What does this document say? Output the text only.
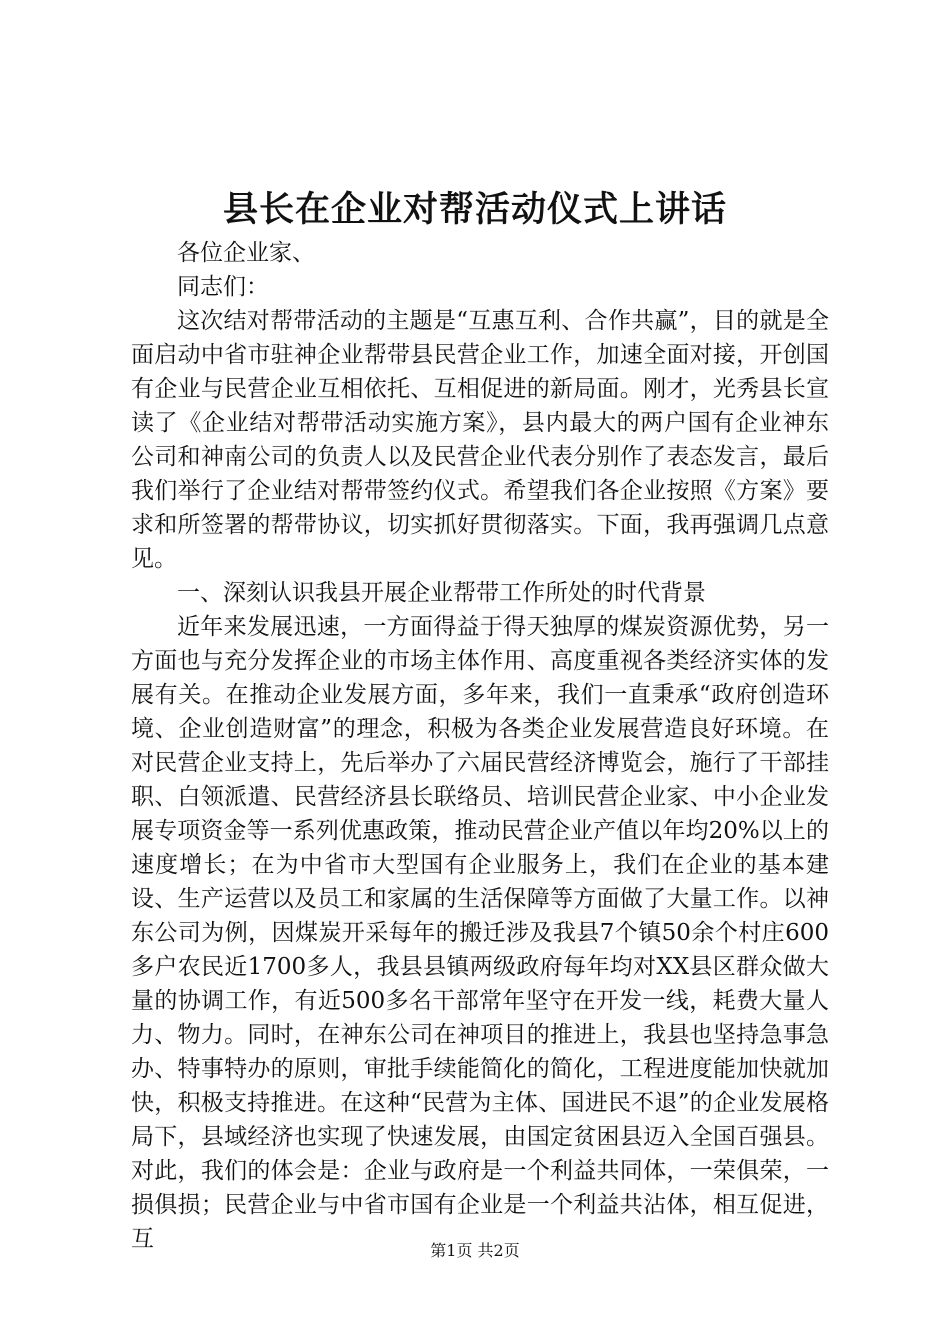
县长在企业对帮活动仪式上讲话

各位企业家、

同志们：

这次结对帮带活动的主题是“互惠互利、合作共赢”，目的就是全面启动中省市驻神企业帮带县民营企业工作，加速全面对接，开创国有企业与民营企业互相依托、互相促进的新局面。刚才，光秀县长宣读了《企业结对帮带活动实施方案》，县内最大的两户国有企业神东公司和神南公司的负责人以及民营企业代表分别作了表态发言，最后我们举行了企业结对帮带签约仪式。希望我们各企业按照《方案》要求和所签署的帮带协议，切实抓好贯彻落实。下面，我再强调几点意见。

一、深刻认识我县开展企业帮带工作所处的时代背景

近年来发展迅速，一方面得益于得天独厚的煤炭资源优势，另一方面也与充分发挥企业的市场主体作用、高度重视各类经济实体的发展有关。在推动企业发展方面，多年来，我们一直秉承“政府创造环境、企业创造财富”的理念，积极为各类企业发展营造良好环境。在对民营企业支持上，先后举办了六届民营经济博览会，施行了干部挂职、白领派遣、民营经济县长联络员、培训民营企业家、中小企业发展专项资金等一系列优惠政策，推动民营企业产值以年均20%以上的速度增长；在为中省市大型国有企业服务上，我们在企业的基本建设、生产运营以及员工和家属的生活保障等方面做了大量工作。以神东公司为例，因煤炭开采每年的搬迁涉及我县7个镇50余个村庄600多户农民近1700多人，我县县镇两级政府每年均对XX县区群众做大量的协调工作，有近500多名干部常年坚守在开发一线，耗费大量人力、物力。同时，在神东公司在神项目的推进上，我县也坚持急事急办、特事特办的原则，审批手续能简化的简化，工程进度能加快就加快，积极支持推进。在这种“民营为主体、国进民不退”的企业发展格局下，县域经济也实现了快速发展，由国定贫困县迈入全国百强县。对此，我们的体会是：企业与政府是一个利益共同体，一荣俱荣，一损俱损；民营企业与中省市国有企业是一个利益共沾体，相互促进，互	第1页 共2页
